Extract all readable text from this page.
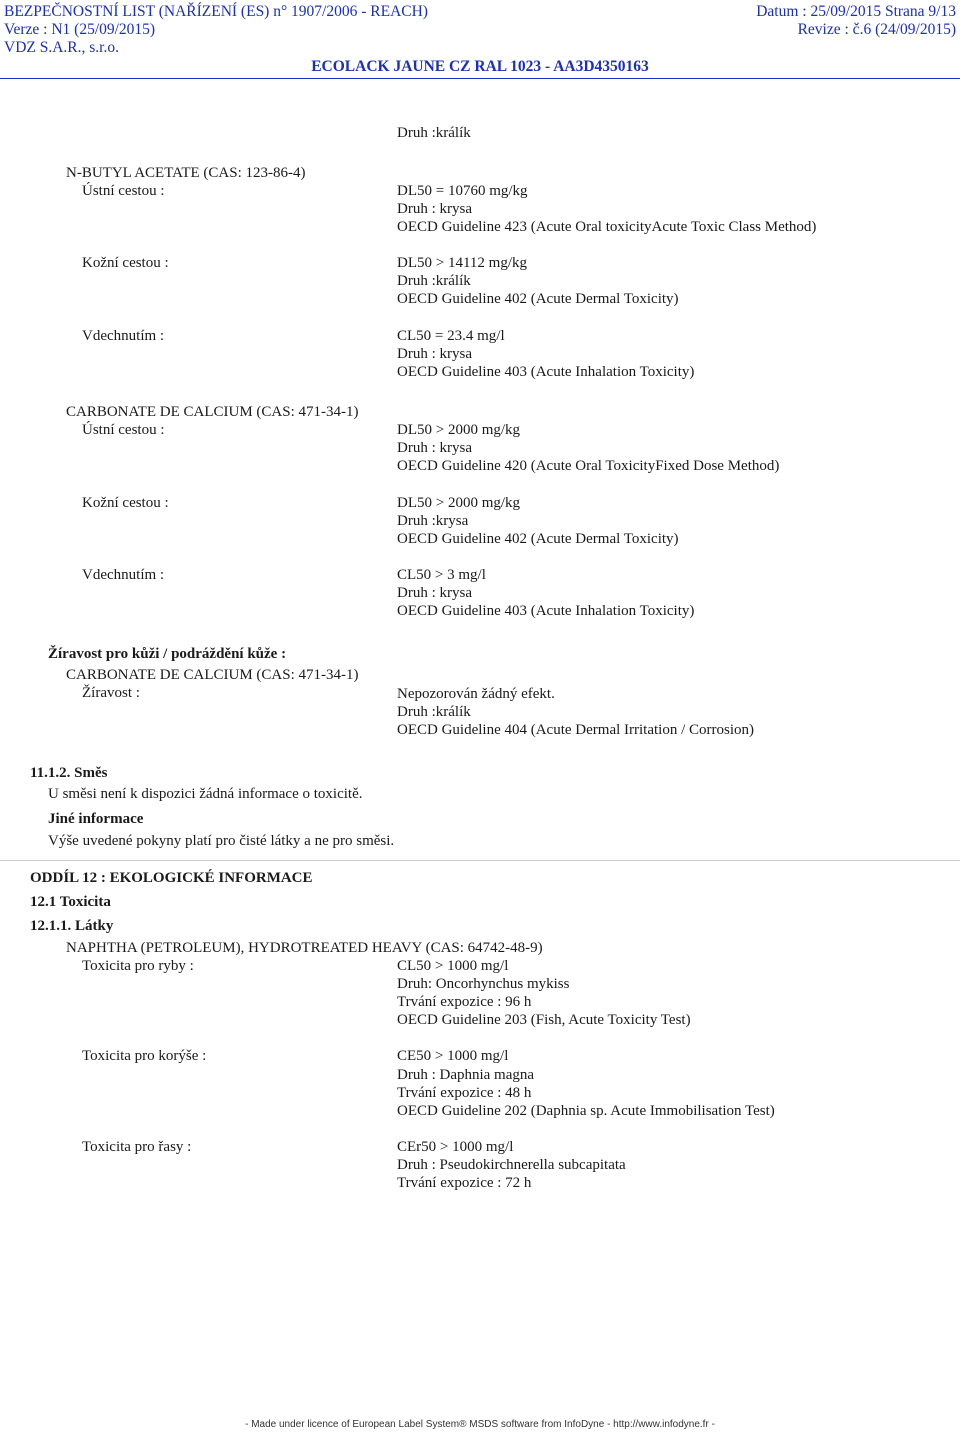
BEZPEČNOSTNÍ LIST (NAŘÍZENÍ (ES) n° 1907/2006 - REACH)	Datum : 25/09/2015 Strana 9/13
Verze : N1 (25/09/2015)	Revize : č.6 (24/09/2015)
VDZ S.A.R., s.r.o.
ECOLACK JAUNE CZ RAL 1023 - AA3D4350163
Druh :králík
N-BUTYL ACETATE (CAS: 123-86-4)
Ústní cestou :	DL50 = 10760 mg/kg
Druh : krysa
OECD Guideline 423 (Acute Oral toxicityAcute Toxic Class Method)
Kožní cestou :	DL50 > 14112 mg/kg
Druh :králík
OECD Guideline 402 (Acute Dermal Toxicity)
Vdechnutím :	CL50 = 23.4 mg/l
Druh : krysa
OECD Guideline 403 (Acute Inhalation Toxicity)
CARBONATE DE CALCIUM (CAS: 471-34-1)
Ústní cestou :	DL50 > 2000 mg/kg
Druh : krysa
OECD Guideline 420 (Acute Oral ToxicityFixed Dose Method)
Kožní cestou :	DL50 > 2000 mg/kg
Druh :krysa
OECD Guideline 402 (Acute Dermal Toxicity)
Vdechnutím :	CL50 > 3 mg/l
Druh : krysa
OECD Guideline 403 (Acute Inhalation Toxicity)
Žíravost pro kůži / podráždění kůže :
CARBONATE DE CALCIUM (CAS: 471-34-1)
Žíravost :	Nepozorován žádný efekt.
Druh :králík
OECD Guideline 404 (Acute Dermal Irritation / Corrosion)
11.1.2. Směs
U směsi není k dispozici žádná informace o toxicitě.
Jiné informace
Výše uvedené pokyny platí pro čisté látky a ne pro směsi.
ODDÍL 12 : EKOLOGICKÉ INFORMACE
12.1 Toxicita
12.1.1. Látky
NAPHTHA (PETROLEUM), HYDROTREATED HEAVY (CAS: 64742-48-9)
Toxicita pro ryby :	CL50 > 1000 mg/l
Druh: Oncorhynchus mykiss
Trvání expozice : 96 h
OECD Guideline 203 (Fish, Acute Toxicity Test)
Toxicita pro korýše :	CE50 > 1000 mg/l
Druh : Daphnia magna
Trvání expozice : 48 h
OECD Guideline 202 (Daphnia sp. Acute Immobilisation Test)
Toxicita pro řasy :	CEr50 > 1000 mg/l
Druh : Pseudokirchnerella subcapitata
Trvání expozice : 72 h
- Made under licence of European Label System® MSDS software from InfoDyne - http://www.infodyne.fr -
